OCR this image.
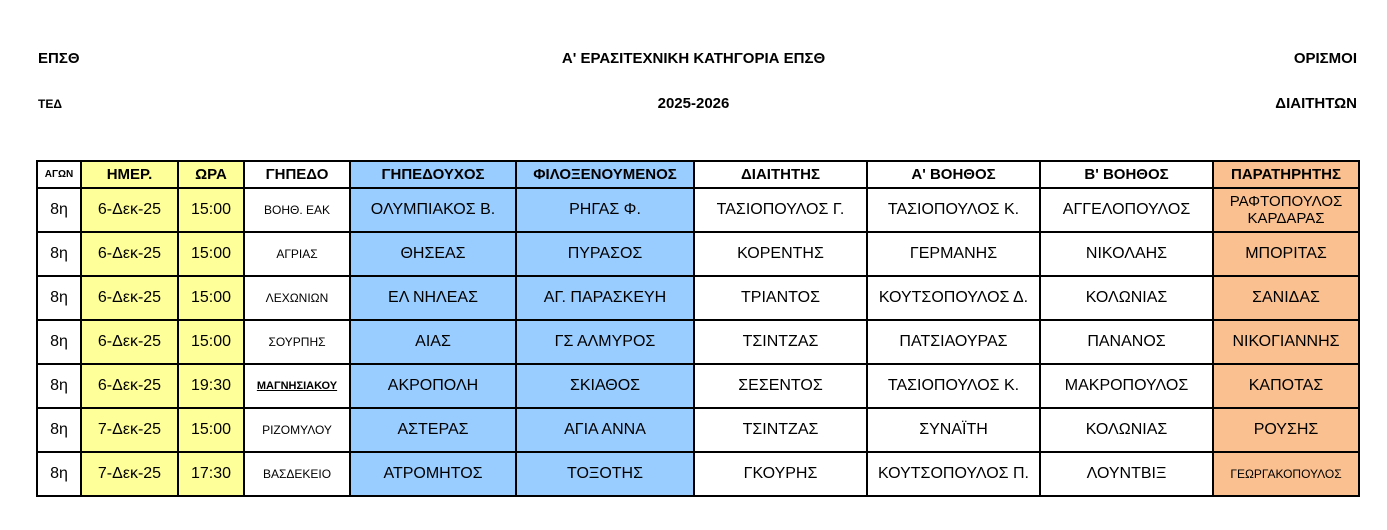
ΕΠΣΘ	Α' ΕΡΑΣΙΤΕΧΝΙΚΗ ΚΑΤΗΓΟΡΙΑ ΕΠΣΘ	ΟΡΙΣΜΟΙ
ΤΕΔ	2025-2026	ΔΙΑΙΤΗΤΩΝ
ΑΓΩΝ	ΗΜΕΡ.	ΩΡΑ	ΓΗΠΕΔΟ	ΓΗΠΕΔΟΥΧΟΣ	ΦΙΛΟΞΕΝΟΥΜΕΝΟΣ	ΔΙΑΙΤΗΤΗΣ	Α' ΒΟΗΘΟΣ	Β' ΒΟΗΘΟΣ	ΠΑΡΑΤΗΡΗΤΗΣ
8η	6-Δεκ-25	15:00	ΒΟΗΘ. ΕΑΚ	ΟΛΥΜΠΙΑΚΟΣ Β.	ΡΗΓΑΣ Φ.	ΤΑΣΙΟΠΟΥΛΟΣ Γ.	ΤΑΣΙΟΠΟΥΛΟΣ Κ.	ΑΓΓΕΛΟΠΟΥΛΟΣ	ΡΑΦΤΟΠΟΥΛΟΣ
ΚΑΡΔΑΡΑΣ

8η	6-Δεκ-25	15:00	ΑΓΡΙΑΣ	ΘΗΣΕΑΣ	ΠΥΡΑΣΟΣ	ΚΟΡΕΝΤΗΣ	ΓΕΡΜΑΝΗΣ	ΝΙΚΟΛΑΗΣ	ΜΠΟΡΙΤΑΣ
8η	6-Δεκ-25	15:00	ΛΕΧΩΝΙΩΝ	ΕΛ ΝΗΛΕΑΣ	ΑΓ. ΠΑΡΑΣΚΕΥΗ	ΤΡΙΑΝΤΟΣ	ΚΟΥΤΣΟΠΟΥΛΟΣ Δ.	ΚΟΛΩΝΙΑΣ	ΣΑΝΙΔΑΣ
8η	6-Δεκ-25	15:00	ΣΟΥΡΠΗΣ	ΑΙΑΣ	ΓΣ ΑΛΜΥΡΟΣ	ΤΣΙΝΤΖΑΣ	ΠΑΤΣΙΑΟΥΡΑΣ	ΠΑΝΑΝΟΣ	ΝΙΚΟΓΙΑΝΝΗΣ
8η	6-Δεκ-25	19:30	ΜΑΓΝΗΣΙΑΚΟΥ	ΑΚΡΟΠΟΛΗ	ΣΚΙΑΘΟΣ	ΣΕΣΕΝΤΟΣ	ΤΑΣΙΟΠΟΥΛΟΣ Κ.	ΜΑΚΡΟΠΟΥΛΟΣ	ΚΑΠΟΤΑΣ
8η	7-Δεκ-25	15:00	ΡΙΖΟΜΥΛΟΥ	ΑΣΤΕΡΑΣ	ΑΓΙΑ ΑΝΝΑ	ΤΣΙΝΤΖΑΣ	ΣΥΝΑΪΤΗ	ΚΟΛΩΝΙΑΣ	ΡΟΥΣΗΣ
8η	7-Δεκ-25	17:30	ΒΑΣΔΕΚΕΙΟ	ΑΤΡΟΜΗΤΟΣ	ΤΟΞΟΤΗΣ	ΓΚΟΥΡΗΣ	ΚΟΥΤΣΟΠΟΥΛΟΣ Π.	ΛΟΥΝΤΒΙΞ	ΓΕΩΡΓΑΚΟΠΟΥΛΟΣ
